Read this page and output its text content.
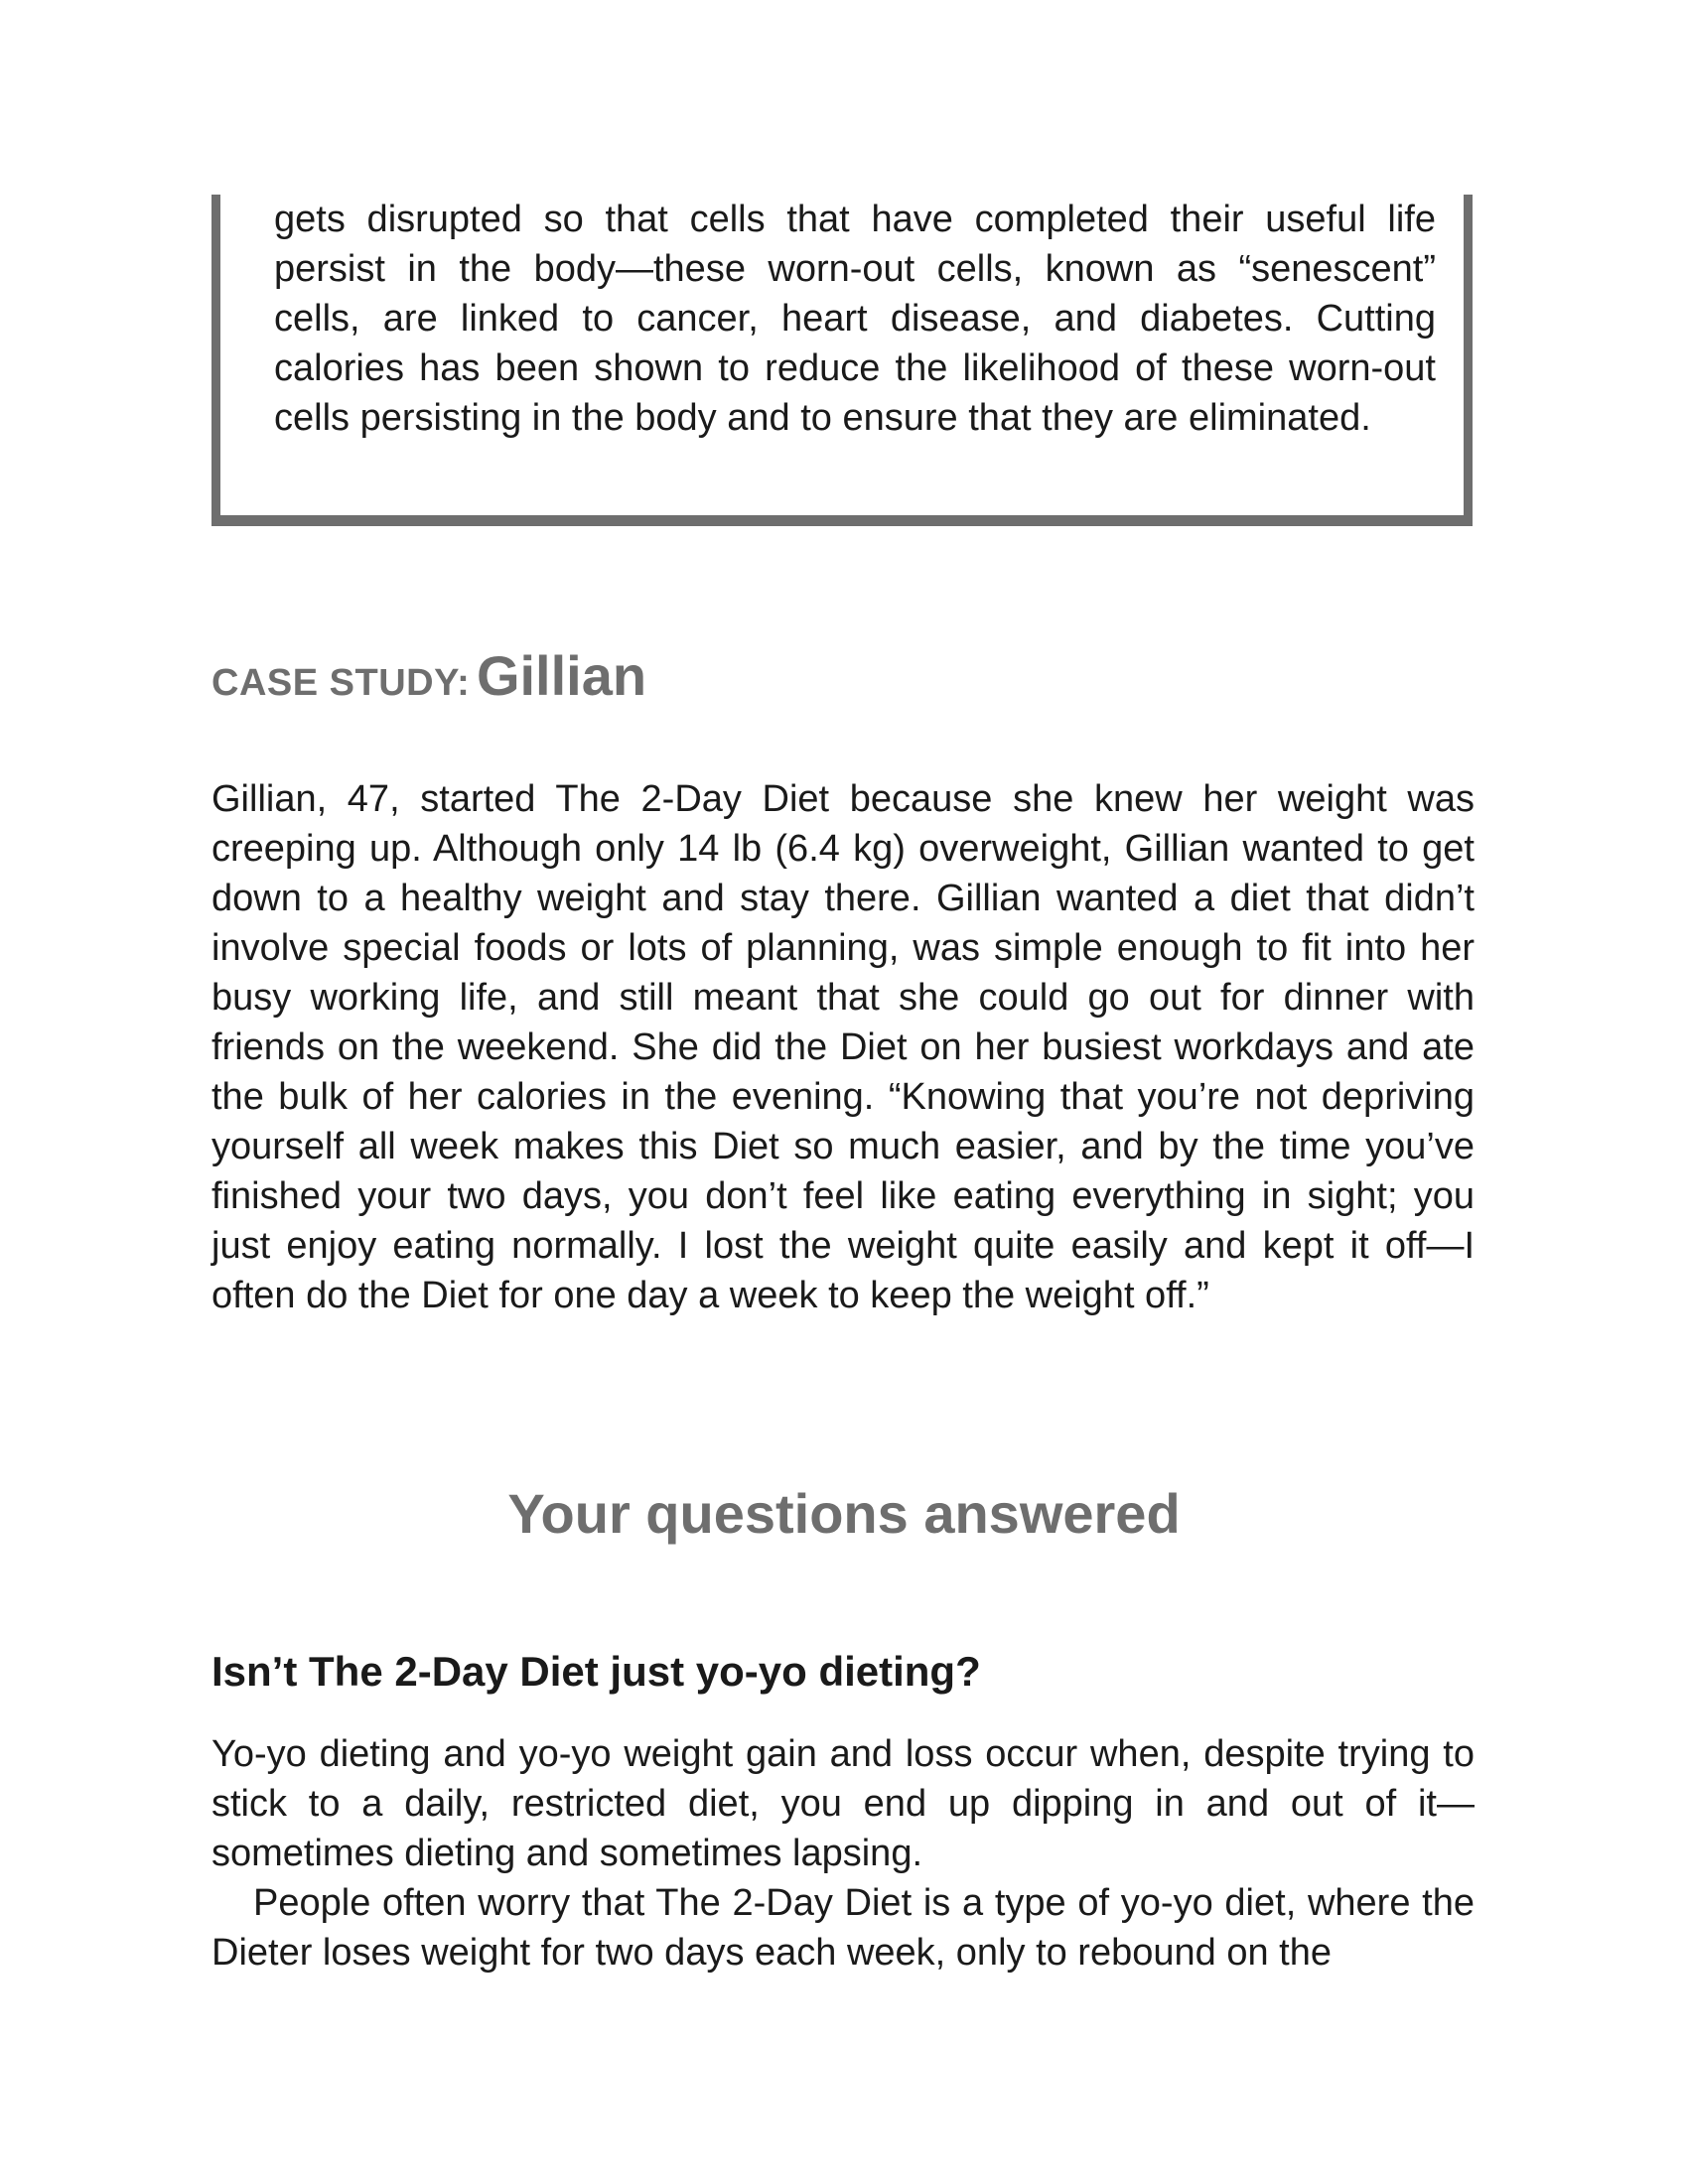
gets disrupted so that cells that have completed their useful life persist in the body—these worn-out cells, known as “senescent” cells, are linked to cancer, heart disease, and diabetes. Cutting calories has been shown to reduce the likelihood of these worn-out cells persisting in the body and to ensure that they are eliminated.

CASE STUDY: Gillian

Gillian, 47, started The 2-Day Diet because she knew her weight was creeping up. Although only 14 lb (6.4 kg) overweight, Gillian wanted to get down to a healthy weight and stay there. Gillian wanted a diet that didn’t involve special foods or lots of planning, was simple enough to fit into her busy working life, and still meant that she could go out for dinner with friends on the weekend. She did the Diet on her busiest workdays and ate the bulk of her calories in the evening. “Knowing that you’re not depriving yourself all week makes this Diet so much easier, and by the time you’ve finished your two days, you don’t feel like eating everything in sight; you just enjoy eating normally. I lost the weight quite easily and kept it off—I often do the Diet for one day a week to keep the weight off.”

Your questions answered
Isn’t The 2-Day Diet just yo-yo dieting?

Yo-yo dieting and yo-yo weight gain and loss occur when, despite trying to stick to a daily, restricted diet, you end up dipping in and out of it—sometimes dieting and sometimes lapsing.

People often worry that The 2-Day Diet is a type of yo-yo diet, where the Dieter loses weight for two days each week, only to rebound on the
